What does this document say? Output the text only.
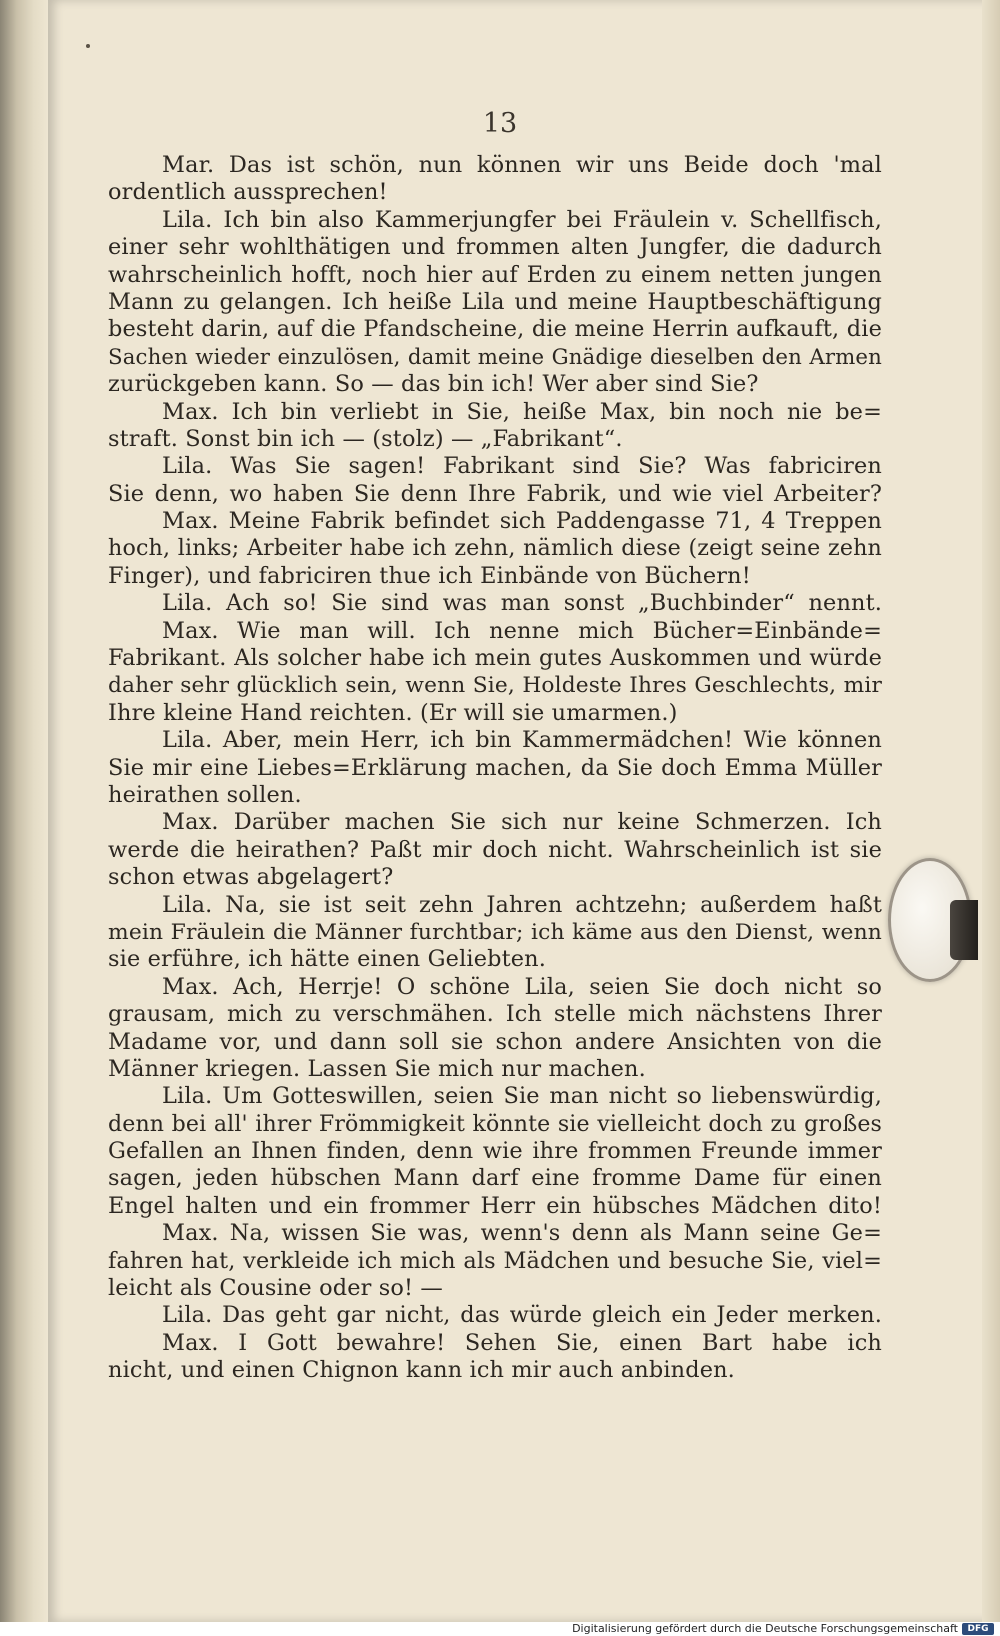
13
Mar. Das ist schön, nun können wir uns Beide doch 'mal
ordentlich aussprechen!
Lila. Ich bin also Kammerjungfer bei Fräulein v. Schellfisch,
einer sehr wohlthätigen und frommen alten Jungfer, die dadurch
wahrscheinlich hofft, noch hier auf Erden zu einem netten jungen
Mann zu gelangen. Ich heiße Lila und meine Hauptbeschäftigung
besteht darin, auf die Pfandscheine, die meine Herrin aufkauft, die
Sachen wieder einzulösen, damit meine Gnädige dieselben den Armen
zurückgeben kann. So — das bin ich! Wer aber sind Sie?
Max. Ich bin verliebt in Sie, heiße Max, bin noch nie be=
straft. Sonst bin ich — (stolz) — „Fabrikant“.
Lila. Was Sie sagen! Fabrikant sind Sie? Was fabriciren
Sie denn, wo haben Sie denn Ihre Fabrik, und wie viel Arbeiter?
Max. Meine Fabrik befindet sich Paddengasse 71, 4 Treppen
hoch, links; Arbeiter habe ich zehn, nämlich diese (zeigt seine zehn
Finger), und fabriciren thue ich Einbände von Büchern!
Lila. Ach so! Sie sind was man sonst „Buchbinder“ nennt.
Max. Wie man will. Ich nenne mich Bücher=Einbände=
Fabrikant. Als solcher habe ich mein gutes Auskommen und würde
daher sehr glücklich sein, wenn Sie, Holdeste Ihres Geschlechts, mir
Ihre kleine Hand reichten. (Er will sie umarmen.)
Lila. Aber, mein Herr, ich bin Kammermädchen! Wie können
Sie mir eine Liebes=Erklärung machen, da Sie doch Emma Müller
heirathen sollen.
Max. Darüber machen Sie sich nur keine Schmerzen. Ich
werde die heirathen? Paßt mir doch nicht. Wahrscheinlich ist sie
schon etwas abgelagert?
Lila. Na, sie ist seit zehn Jahren achtzehn; außerdem haßt
mein Fräulein die Männer furchtbar; ich käme aus den Dienst, wenn
sie erführe, ich hätte einen Geliebten.
Max. Ach, Herrje! O schöne Lila, seien Sie doch nicht so
grausam, mich zu verschmähen. Ich stelle mich nächstens Ihrer
Madame vor, und dann soll sie schon andere Ansichten von die
Männer kriegen. Lassen Sie mich nur machen.
Lila. Um Gotteswillen, seien Sie man nicht so liebenswürdig,
denn bei all' ihrer Frömmigkeit könnte sie vielleicht doch zu großes
Gefallen an Ihnen finden, denn wie ihre frommen Freunde immer
sagen, jeden hübschen Mann darf eine fromme Dame für einen
Engel halten und ein frommer Herr ein hübsches Mädchen dito!
Max. Na, wissen Sie was, wenn's denn als Mann seine Ge=
fahren hat, verkleide ich mich als Mädchen und besuche Sie, viel=
leicht als Cousine oder so! —
Lila. Das geht gar nicht, das würde gleich ein Jeder merken.
Max. I Gott bewahre! Sehen Sie, einen Bart habe ich
nicht, und einen Chignon kann ich mir auch anbinden.
Digitalisierung gefördert durch die Deutsche Forschungsgemeinschaft	DFG
